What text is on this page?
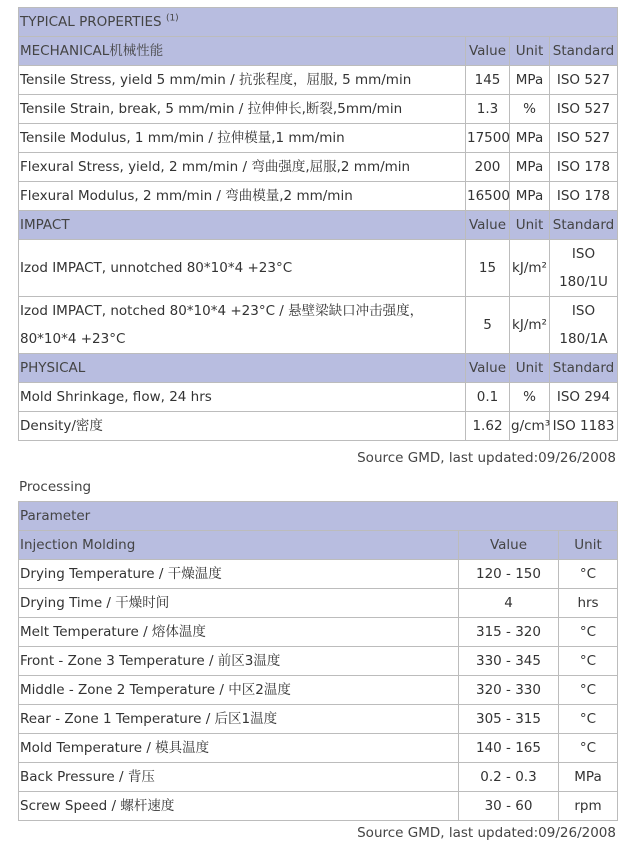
TYPICAL PROPERTIES $^{(1)}$
MECHANICAL机械性能	Value	Unit	Standard
Tensile Stress, yield 5 mm/min / 抗张程度，屈服, 5 mm/min	145	MPa	ISO 527
Tensile Strain, break, 5 mm/min / 拉伸伸长,断裂,5mm/min	1.3	%	ISO 527
Tensile Modulus, 1 mm/min / 拉伸模量,1 mm/min	17500	MPa	ISO 527
Flexural Stress, yield, 2 mm/min / 弯曲强度,屈服,2 mm/min	200	MPa	ISO 178
Flexural Modulus, 2 mm/min / 弯曲模量,2 mm/min	16500	MPa	ISO 178
IMPACT	Value	Unit	Standard
Izod IMPACT, unnotched 80*10*4 +23°C	15	kJ/m²	ISO 180/1U
Izod IMPACT, notched 80*10*4 +23°C / 悬壁梁缺口冲击强度，80*10*4 +23°C	5	kJ/m²	ISO 180/1A
PHYSICAL	Value	Unit	Standard
Mold Shrinkage, flow, 24 hrs	0.1	%	ISO 294
Density/密度	1.62	g/cm³	ISO 1183
Source GMD, last updated:09/26/2008
Processing
Parameter		
Injection Molding	Value	Unit
Drying Temperature / 干燥温度	120 - 150	°C
Drying Time / 干燥时间	4	hrs
Melt Temperature / 熔体温度	315 - 320	°C
Front - Zone 3 Temperature / 前区3温度	330 - 345	°C
Middle - Zone 2 Temperature / 中区2温度	320 - 330	°C
Rear - Zone 1 Temperature / 后区1温度	305 - 315	°C
Mold Temperature / 模具温度	140 - 165	°C
Back Pressure / 背压	0.2 - 0.3	MPa
Screw Speed / 螺杆速度	30 - 60	rpm
Source GMD, last updated:09/26/2008
